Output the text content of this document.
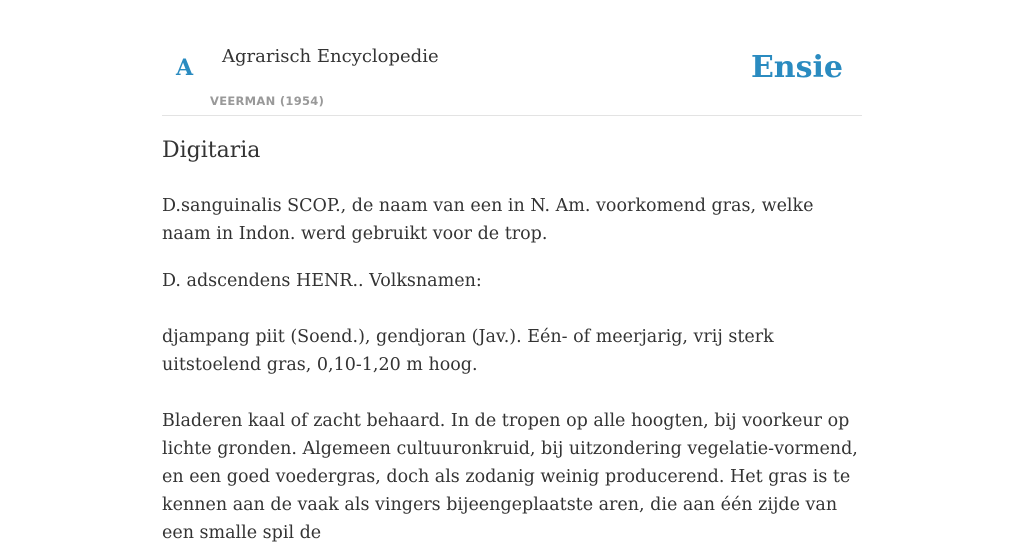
A Agrarisch Encyclopedie
VEERMAN (1954)
Ensie
Digitaria

D.sanguinalis SCOP., de naam van een in N. Am. voorkomend gras, welke naam in Indon. werd gebruikt voor de trop.

D. adscendens HENR.. Volksnamen:

djampang piit (Soend.), gendjoran (Jav.). Eén- of meerjarig, vrij sterk uitstoelend gras, 0,10-1,20 m hoog.

Bladeren kaal of zacht behaard. In de tropen op alle hoogten, bij voorkeur op lichte gronden. Algemeen cultuuronkruid, bij uitzondering vegelatie-vormend, en een goed voedergras, doch als zodanig weinig producerend. Het gras is te kennen aan de vaak als vingers bijeengeplaatste aren, die aan één zijde van een smalle spil de
